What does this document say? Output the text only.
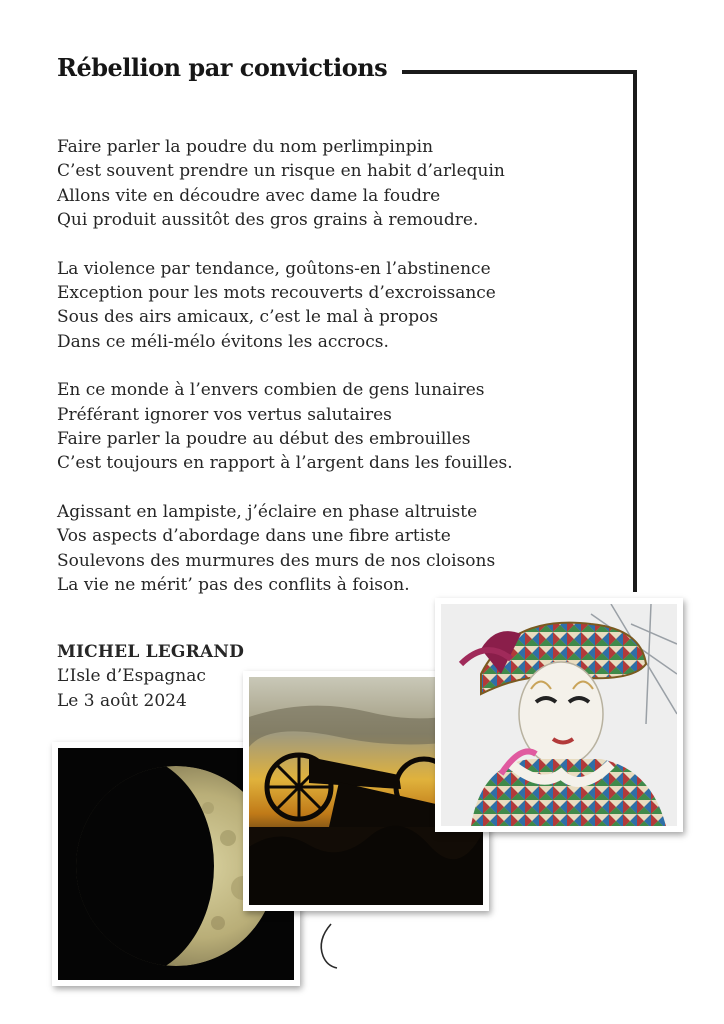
Rébellion par convictions

Faire parler la poudre du nom perlimpinpin
C’est souvent prendre un risque en habit d’arlequin
Allons vite en découdre avec dame la foudre
Qui produit aussitôt des gros grains à remoudre.

La violence par tendance, goûtons-en l’abstinence
Exception pour les mots recouverts d’excroissance
Sous des airs amicaux, c’est le mal à propos
Dans ce méli-mélo évitons les accrocs.

En ce monde à l’envers combien de gens lunaires
Préférant ignorer vos vertus salutaires
Faire parler la poudre au début des embrouilles
C’est toujours en rapport à l’argent dans les fouilles.

Agissant en lampiste, j’éclaire en phase altruiste
Vos aspects d’abordage dans une fibre artiste
Soulevons des murmures des murs de nos cloisons
La vie ne mérit’ pas des conflits à foison.

MICHEL LEGRAND
L’Isle d’Espagnac
Le 3 août 2024
